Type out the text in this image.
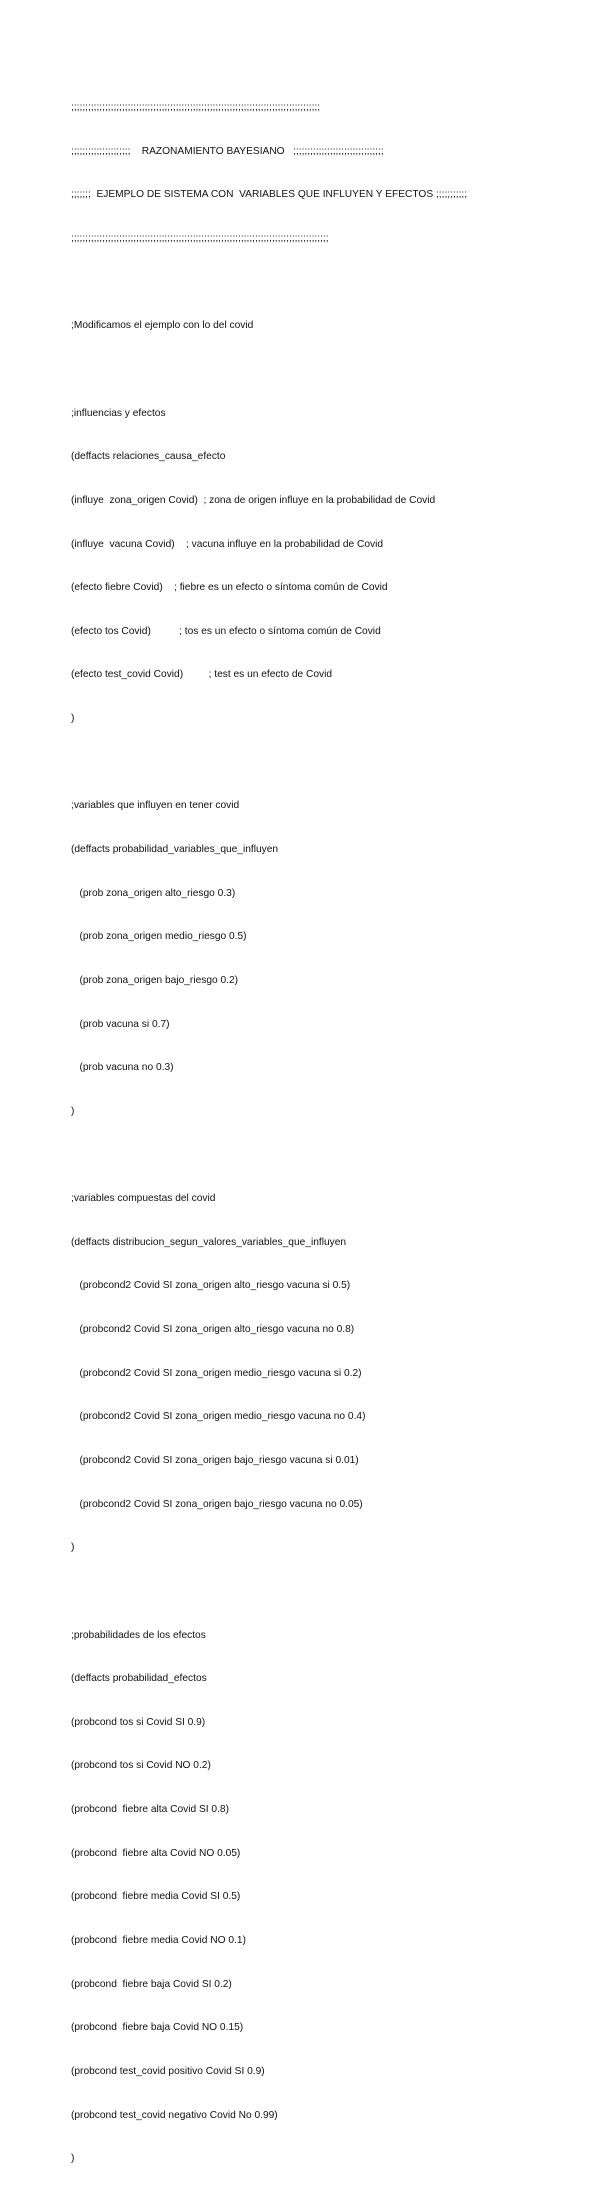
;;;;;;;;;;;;;;;;;;;;;;;;;;;;;;;;;;;;;;;;;;;;;;;;;;;;;;;;;;;;;;;;;;;;;;;;;;;;;;;;;;;;;;;;

;;;;;;;;;;;;;;;;;;;;;    RAZONAMIENTO BAYESIANO   ;;;;;;;;;;;;;;;;;;;;;;;;;;;;;;;;

;;;;;;;  EJEMPLO DE SISTEMA CON  VARIABLES QUE INFLUYEN Y EFECTOS ;;;;;;;;;;;

;;;;;;;;;;;;;;;;;;;;;;;;;;;;;;;;;;;;;;;;;;;;;;;;;;;;;;;;;;;;;;;;;;;;;;;;;;;;;;;;;;;;;;;;;;;

;Modificamos el ejemplo con lo del covid

;influencias y efectos

(deffacts relaciones_causa_efecto

(influye  zona_origen Covid)  ; zona de origen influye en la probabilidad de Covid

(influye  vacuna Covid)    ; vacuna influye en la probabilidad de Covid

(efecto fiebre Covid)    ; fiebre es un efecto o síntoma común de Covid

(efecto tos Covid)          ; tos es un efecto o síntoma común de Covid

(efecto test_covid Covid)         ; test es un efecto de Covid

)

;variables que influyen en tener covid

(deffacts probabilidad_variables_que_influyen

(prob zona_origen alto_riesgo 0.3)

(prob zona_origen medio_riesgo 0.5)

(prob zona_origen bajo_riesgo 0.2)

(prob vacuna si 0.7)

(prob vacuna no 0.3)

)

;variables compuestas del covid

(deffacts distribucion_segun_valores_variables_que_influyen

(probcond2 Covid SI zona_origen alto_riesgo vacuna si 0.5)

(probcond2 Covid SI zona_origen alto_riesgo vacuna no 0.8)

(probcond2 Covid SI zona_origen medio_riesgo vacuna si 0.2)

(probcond2 Covid SI zona_origen medio_riesgo vacuna no 0.4)

(probcond2 Covid SI zona_origen bajo_riesgo vacuna si 0.01)

(probcond2 Covid SI zona_origen bajo_riesgo vacuna no 0.05)

)

;probabilidades de los efectos

(deffacts probabilidad_efectos

(probcond tos si Covid SI 0.9)

(probcond tos si Covid NO 0.2)

(probcond  fiebre alta Covid SI 0.8)

(probcond  fiebre alta Covid NO 0.05)

(probcond  fiebre media Covid SI 0.5)

(probcond  fiebre media Covid NO 0.1)

(probcond  fiebre baja Covid SI 0.2)

(probcond  fiebre baja Covid NO 0.15)

(probcond test_covid positivo Covid SI 0.9)

(probcond test_covid negativo Covid No 0.99)

)
